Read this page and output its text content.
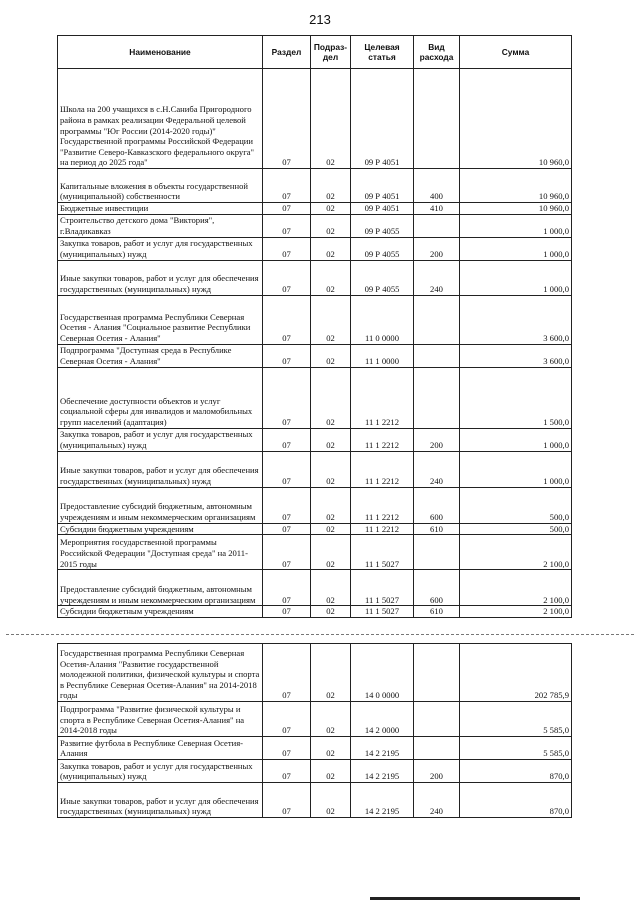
213
Наименование	Раздел	Подраз-дел	Целевая статья	Вид расхода	Сумма
Школа на 200 учащихся в с.Н.Саниба Пригородного района в рамках реализации Федеральной целевой программы "Юг России (2014-2020 годы)" Государственной программы Российской Федерации "Развитие Северо-Кавказского федерального округа" на период до 2025 года"	07	02	09 Р 4051		10 960,0
Капитальные вложения в объекты государственной (муниципальной) собственности	07	02	09 Р 4051	400	10 960,0
Бюджетные инвестиции	07	02	09 Р 4051	410	10 960,0
Строительство детского дома "Виктория", г.Владикавказ	07	02	09 Р 4055		1 000,0
Закупка товаров, работ и услуг для государственных (муниципальных) нужд	07	02	09 Р 4055	200	1 000,0
Иные закупки товаров, работ и услуг для обеспечения государственных (муниципальных) нужд	07	02	09 Р 4055	240	1 000,0
Государственная программа Республики Северная Осетия - Алания "Социальное развитие Республики Северная Осетия - Алания"	07	02	11 0 0000		3 600,0
Подпрограмма "Доступная среда в Республике Северная Осетия - Алания"	07	02	11 1 0000		3 600,0
Обеспечение доступности объектов и услуг социальной сферы для инвалидов и маломобильных групп населений (адаптация)	07	02	11 1 2212		1 500,0
Закупка товаров, работ и услуг для государственных (муниципальных) нужд	07	02	11 1 2212	200	1 000,0
Иные закупки товаров, работ и услуг для обеспечения государственных (муниципальных) нужд	07	02	11 1 2212	240	1 000,0
Предоставление субсидий бюджетным, автономным учреждениям и иным некоммерческим организациям	07	02	11 1 2212	600	500,0
Субсидии бюджетным учреждениям	07	02	11 1 2212	610	500,0
Мероприятия государственной программы Российской Федерации "Доступная среда" на 2011-2015 годы	07	02	11 1 5027		2 100,0
Предоставление субсидий бюджетным, автономным учреждениям и иным некоммерческим организациям	07	02	11 1 5027	600	2 100,0
Субсидии бюджетным учреждениям	07	02	11 1 5027	610	2 100,0
Государственная программа Республики Северная Осетия-Алания "Развитие государственной молодежной политики, физической культуры и спорта в Республике Северная Осетия-Алания" на 2014-2018 годы	07	02	14 0 0000		202 785,9
Подпрограмма "Развитие физической культуры и спорта в Республике Северная Осетия-Алания" на 2014-2018 годы	07	02	14 2 0000		5 585,0
Развитие футбола в Республике Северная Осетия-Алания	07	02	14 2 2195		5 585,0
Закупка товаров, работ и услуг для государственных (муниципальных) нужд	07	02	14 2 2195	200	870,0
Иные закупки товаров, работ и услуг для обеспечения государственных (муниципальных) нужд	07	02	14 2 2195	240	870,0
